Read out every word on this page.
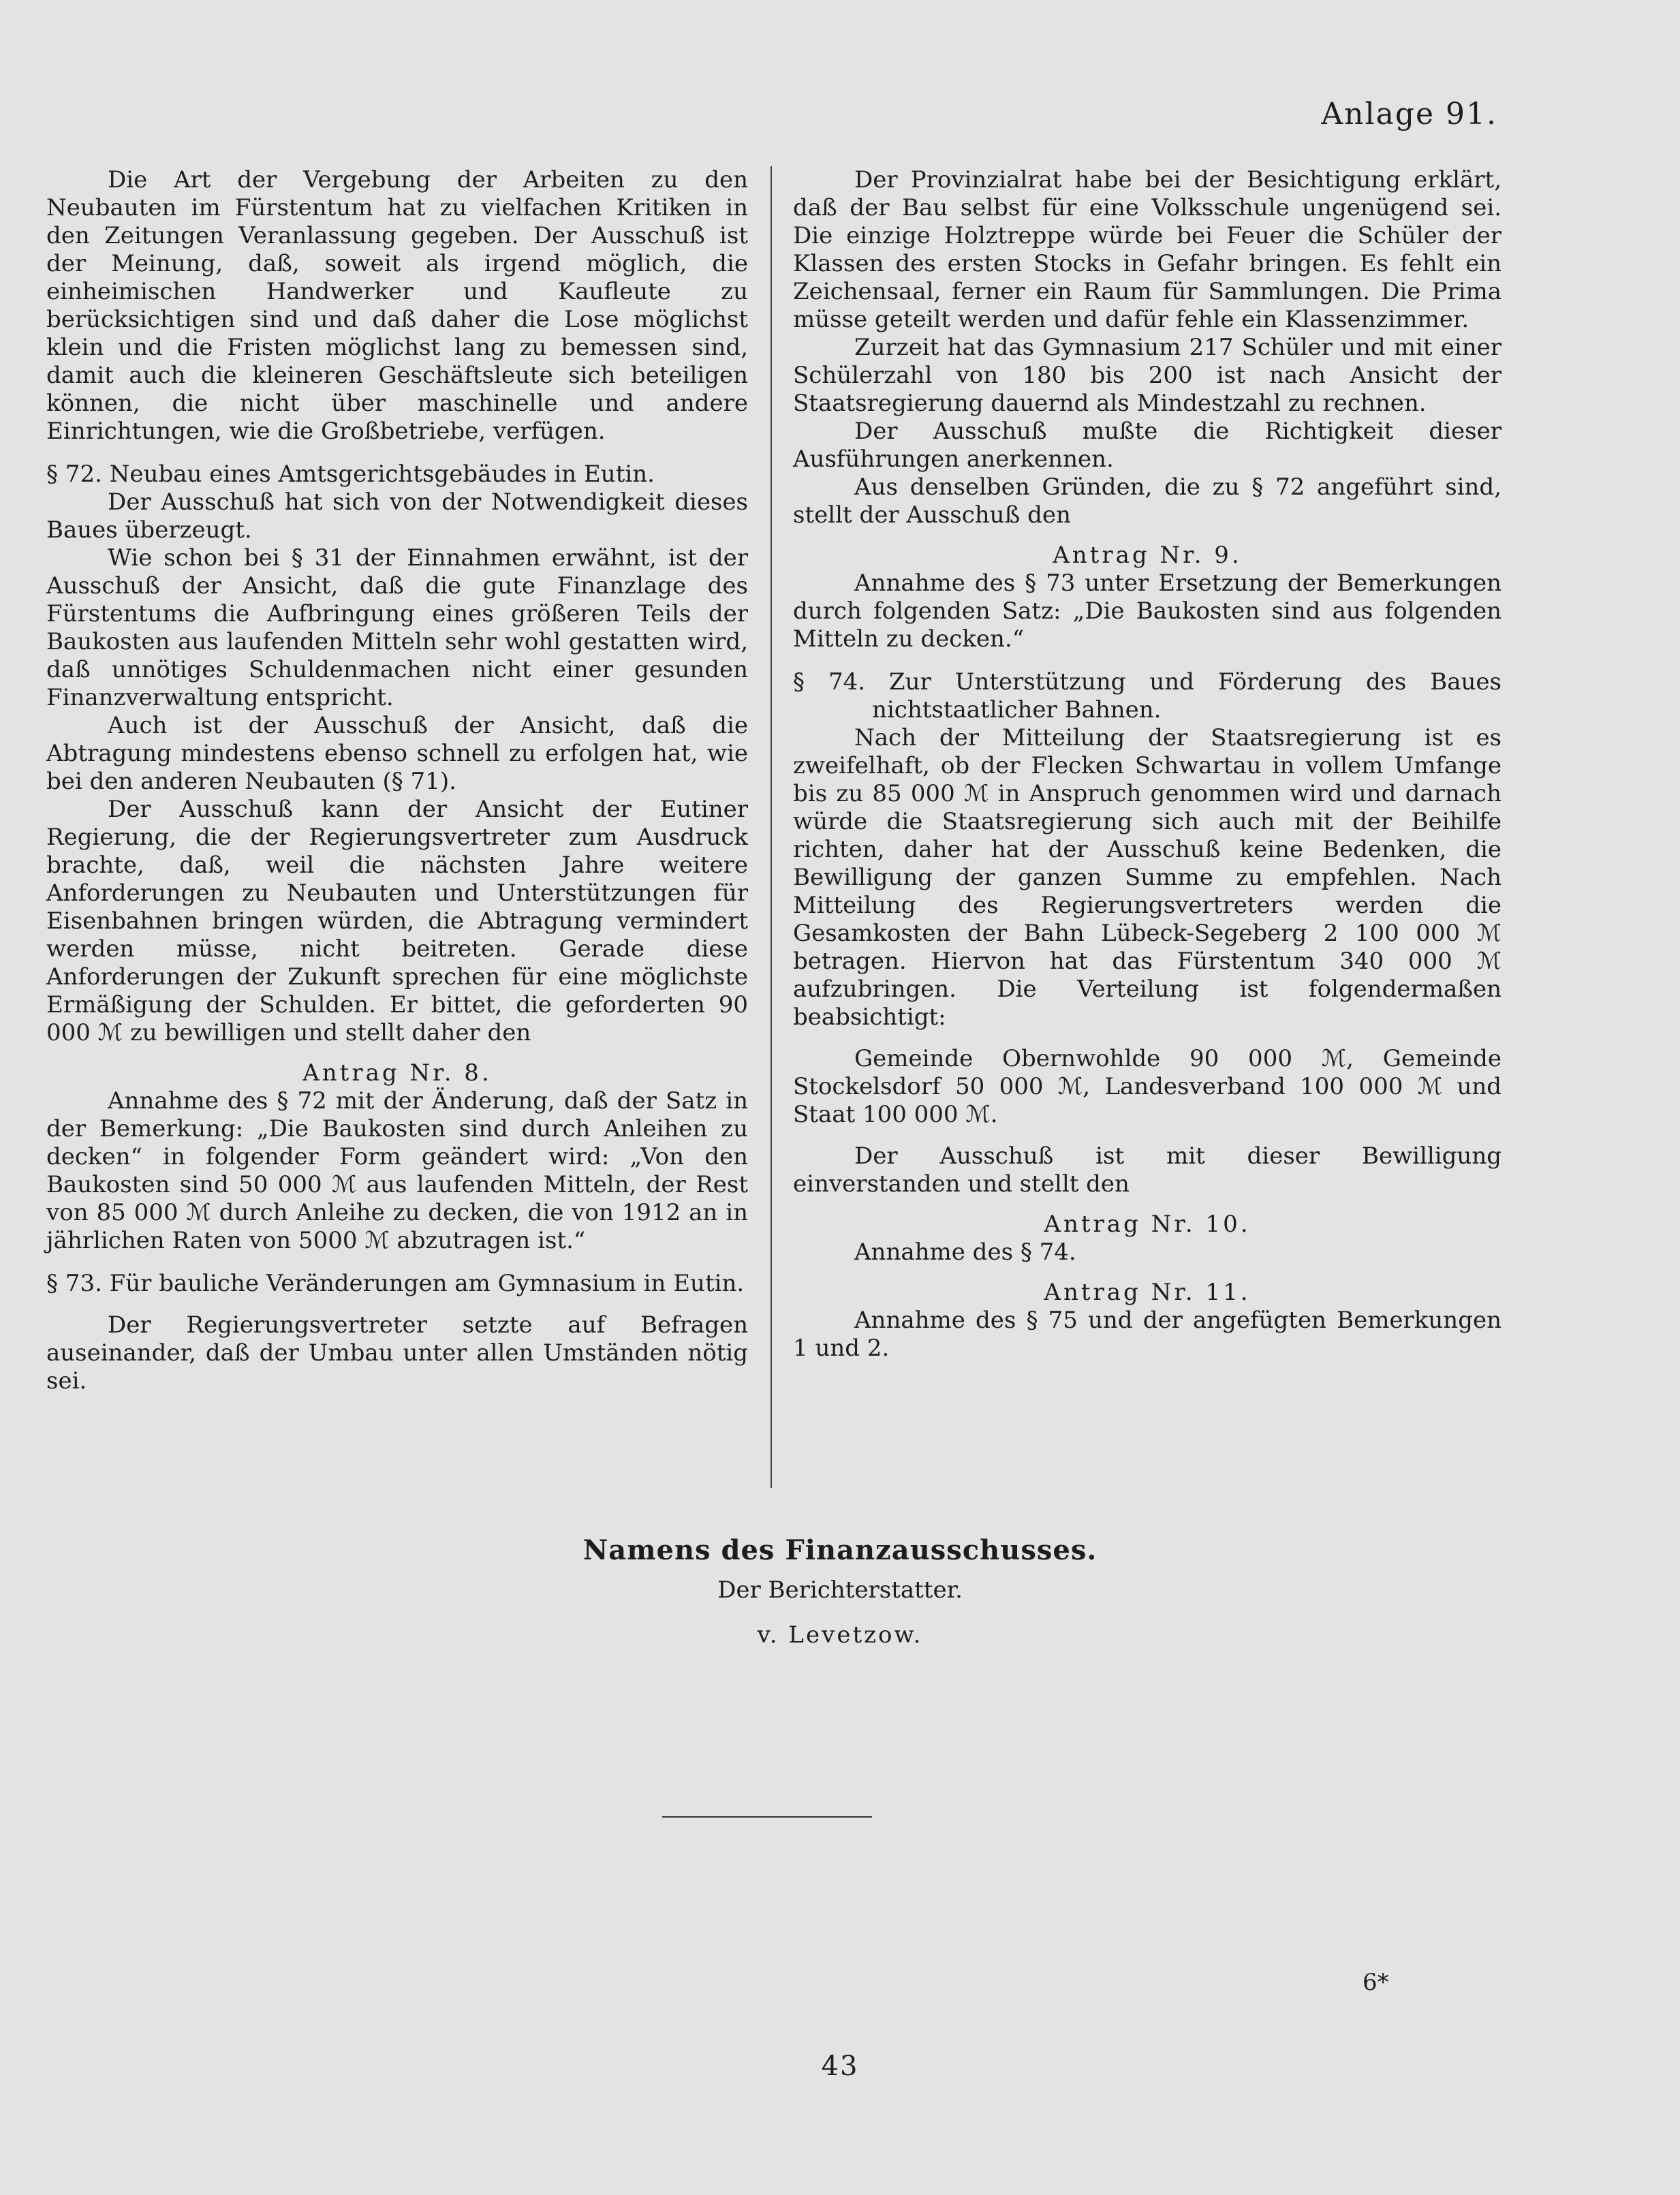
Anlage 91.

Die Art der Vergebung der Arbeiten zu den Neubauten im Fürstentum hat zu vielfachen Kritiken in den Zeitungen Veranlassung gegeben. Der Ausschuß ist der Meinung, daß, soweit als irgend möglich, die einheimischen Handwerker und Kaufleute zu berücksichtigen sind und daß daher die Lose möglichst klein und die Fristen möglichst lang zu bemessen sind, damit auch die kleineren Geschäftsleute sich beteiligen können, die nicht über maschinelle und andere Einrichtungen, wie die Großbetriebe, verfügen.

§ 72. Neubau eines Amtsgerichtsgebäudes in Eutin.

Der Ausschuß hat sich von der Notwendigkeit dieses Baues überzeugt.

Wie schon bei § 31 der Einnahmen erwähnt, ist der Ausschuß der Ansicht, daß die gute Finanzlage des Fürstentums die Aufbringung eines größeren Teils der Baukosten aus laufenden Mitteln sehr wohl gestatten wird, daß unnötiges Schuldenmachen nicht einer gesunden Finanzverwaltung entspricht.

Auch ist der Ausschuß der Ansicht, daß die Abtragung mindestens ebenso schnell zu erfolgen hat, wie bei den anderen Neubauten (§ 71).

Der Ausschuß kann der Ansicht der Eutiner Regierung, die der Regierungsvertreter zum Ausdruck brachte, daß, weil die nächsten Jahre weitere Anforderungen zu Neubauten und Unterstützungen für Eisenbahnen bringen würden, die Abtragung vermindert werden müsse, nicht beitreten. Gerade diese Anforderungen der Zukunft sprechen für eine möglichste Ermäßigung der Schulden. Er bittet, die geforderten 90 000 ℳ zu bewilligen und stellt daher den

Antrag Nr. 8.

Annahme des § 72 mit der Änderung, daß der Satz in der Bemerkung: „Die Baukosten sind durch Anleihen zu decken“ in folgender Form geändert wird: „Von den Baukosten sind 50 000 ℳ aus laufenden Mitteln, der Rest von 85 000 ℳ durch Anleihe zu decken, die von 1912 an in jährlichen Raten von 5000 ℳ abzutragen ist.“

§ 73. Für bauliche Veränderungen am Gymnasium in Eutin.

Der Regierungsvertreter setzte auf Befragen auseinander, daß der Umbau unter allen Umständen nötig sei.

Der Provinzialrat habe bei der Besichtigung erklärt, daß der Bau selbst für eine Volksschule ungenügend sei. Die einzige Holztreppe würde bei Feuer die Schüler der Klassen des ersten Stocks in Gefahr bringen. Es fehlt ein Zeichensaal, ferner ein Raum für Sammlungen. Die Prima müsse geteilt werden und dafür fehle ein Klassenzimmer.

Zurzeit hat das Gymnasium 217 Schüler und mit einer Schülerzahl von 180 bis 200 ist nach Ansicht der Staatsregierung dauernd als Mindestzahl zu rechnen.

Der Ausschuß mußte die Richtigkeit dieser Ausführungen anerkennen.

Aus denselben Gründen, die zu § 72 angeführt sind, stellt der Ausschuß den

Antrag Nr. 9.

Annahme des § 73 unter Ersetzung der Bemerkungen durch folgenden Satz: „Die Baukosten sind aus folgenden Mitteln zu decken.“

§ 74. Zur Unterstützung und Förderung des Baues nichtstaatlicher Bahnen.

Nach der Mitteilung der Staatsregierung ist es zweifelhaft, ob der Flecken Schwartau in vollem Umfange bis zu 85 000 ℳ in Anspruch genommen wird und darnach würde die Staatsregierung sich auch mit der Beihilfe richten, daher hat der Ausschuß keine Bedenken, die Bewilligung der ganzen Summe zu empfehlen. Nach Mitteilung des Regierungsvertreters werden die Gesamkosten der Bahn Lübeck-Segeberg 2 100 000 ℳ betragen. Hiervon hat das Fürstentum 340 000 ℳ aufzubringen. Die Verteilung ist folgendermaßen beabsichtigt:

Gemeinde Obernwohlde 90 000 ℳ, Gemeinde Stockelsdorf 50 000 ℳ, Landesverband 100 000 ℳ und Staat 100 000 ℳ.

Der Ausschuß ist mit dieser Bewilligung einverstanden und stellt den

Antrag Nr. 10.

Annahme des § 74.

Antrag Nr. 11.

Annahme des § 75 und der angefügten Bemerkungen 1 und 2.

Namens des Finanzausschusses.
Der Berichterstatter.
v. Levetzow.
6*
43
